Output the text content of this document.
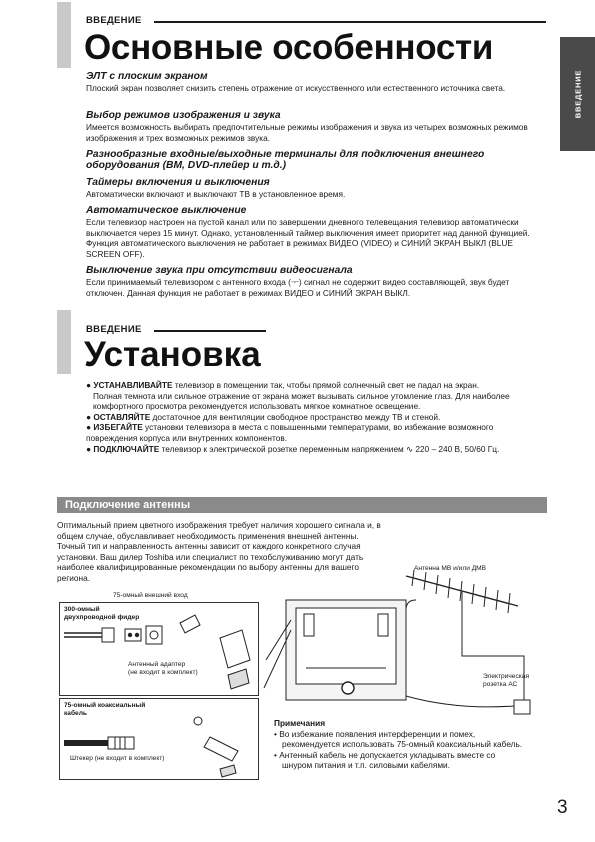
ВВЕДЕНИЕ
ВВЕДЕНИЕ
Основные особенности
ЭЛТ с плоским экраном
Плоский экран позволяет снизить степень отражение от искусственного или естественного источника света.
Выбор режимов изображения и звука
Имеется возможность выбирать предпочтительные режимы изображения и звука из четырех возможных режимов изображения и трех возможных режимов звука.
Разнообразные входные/выходные терминалы для подключения внешнего оборудования (ВМ, DVD-плейер и т.д.)
Таймеры включения и выключения
Автоматически включают и выключают ТВ в установленное время.
Автоматическое выключение
Если телевизор настроен на пустой канал или по завершении дневного телевещания телевизор автоматически выключается через 15 минут. Однако, установленный таймер выключения имеет приоритет над данной функцией. Функция автоматического выключения не работает в режимах ВИДЕО (VIDEO) и СИНИЙ ЭКРАН ВЫКЛ (BLUE SCREEN OFF).
Выключение звука при отсутствии видеосигнала
Если принимаемый телевизором с антенного входа (ᅮ) сигнал не содержит видео составляющей, звук будет отключен. Данная функция не работает в режимах ВИДЕО и СИНИЙ ЭКРАН ВЫКЛ.
ВВЕДЕНИЕ
Установка

● УСТАНАВЛИВАЙТЕ телевизор в помещении так, чтобы прямой солнечный свет не падал на экран.

Полная темнота или сильное отражение от экрана может вызывать сильное утомление глаз. Для наиболее комфортного просмотра рекомендуется использовать мягкое комнатное освещение.

● ОСТАВЛЯЙТЕ достаточное для вентиляции свободное пространство между ТВ и стеной.

● ИЗБЕГАЙТЕ установки телевизора в места с повышенными температурами, во избежание возможного повреждения корпуса или внутренних компонентов.

● ПОДКЛЮЧАЙТЕ телевизор к электрической розетке переменным напряжением ∿ 220 – 240 В, 50/60 Гц.

Подключение антенны
Оптимальный прием цветного изображения требует наличия хорошего сигнала и, в общем случае, обуславливает необходимость применения внешней антенны. Точный тип и направленность антенны зависит от каждого конкретного случая установки. Ваш дилер Toshiba или специалист по техобслуживанию могут дать наиболее квалифицированные рекомендации по выбору антенны для вашего региона.
75-омный внешний вход
Антенна МВ и/или ДМВ
300-омный двухпроводной фидер
Антенный адаптер
(не входит в комплект)
75-омный коаксиальный кабель
Штекер (не входит в комплект)
Электрическая
розетка АС
Примечания

• Во избежание появления интерференции и помех, рекомендуется использовать 75-омный коаксиальный кабель.

• Антенный кабель не допускается укладывать вместе со шнуром питания и т.п. силовыми кабелями.

3
